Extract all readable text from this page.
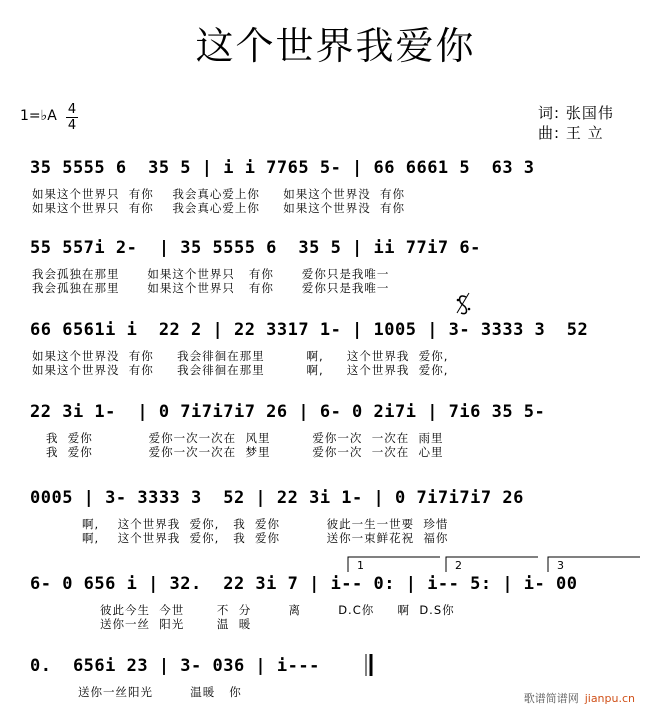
这个世界我爱你
1=♭A 4
4
词: 张国伟
曲: 王 立
35 5555 6  35 5 | i i 7765 5- | 66 6661 5  63 3
如果这个世界只  有你    我会真心爱上你     如果这个世界没  有你
如果这个世界只  有你    我会真心爱上你     如果这个世界没  有你
55 557i 2-  | 35 5555 6  35 5 | ii 77i7 6-
我会孤独在那里      如果这个世界只   有你      爱你只是我唯一
我会孤独在那里      如果这个世界只   有你      爱你只是我唯一
66 6561i i  22 2 | 22 3317 1- | 1005 | 3- 3333 3  52
如果这个世界没  有你     我会徘徊在那里         啊,     这个世界我  爱你,
如果这个世界没  有你     我会徘徊在那里         啊,     这个世界我  爱你,
22 3i 1-  | 0 7i7i7i7 26 | 6- 0 2i7i | 7i6 35 5-
我  爱你            爱你一次一次在  风里         爱你一次  一次在  雨里
我  爱你            爱你一次一次在  梦里         爱你一次  一次在  心里
0005 | 3- 3333 3  52 | 22 3i 1- | 0 7i7i7i7 26
啊,    这个世界我  爱你,   我  爱你          彼此一生一世要  珍惜
啊,    这个世界我  爱你,   我  爱你          送你一束鲜花祝  福你
6- 0 656 i | 32.  22 3i 7 | i-- 0: | i-- 5: | i- 00
彼此今生  今世       不  分        离        D.C你     啊  D.S你
送你一丝  阳光       温  暖
0.  656i 23 | 3- 036 | i---
送你一丝阳光        温暖   你
1	2	3
歌谱简谱网 jianpu.cn
